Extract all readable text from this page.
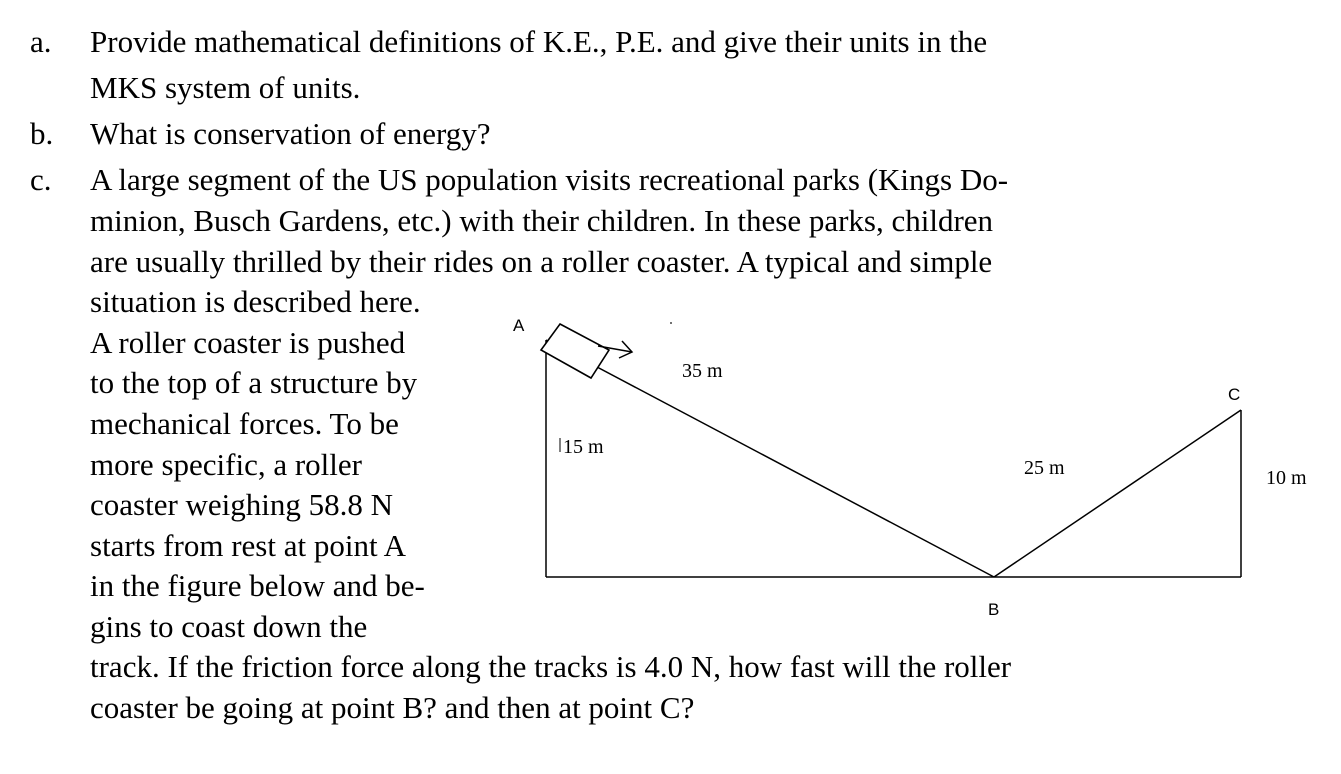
a.
b.
c.
Provide mathematical definitions of K.E., P.E. and give their units in the
MKS system of units.
What is conservation of energy?
A large segment of the US population visits recreational parks (Kings Do-
minion, Busch Gardens, etc.) with their children. In these parks, children
are usually thrilled by their rides on a roller coaster. A typical and simple
situation is described here.
A roller coaster is pushed
to the top of a structure by
mechanical forces. To be
more specific, a roller
coaster weighing 58.8 N
starts from rest at point A
in the figure below and be-
gins to coast down the
track. If the friction force along the tracks is 4.0 N, how fast will the roller
coaster be going at point B? and then at point C?
A
B
C
35 m
15 m
25 m	10 m
